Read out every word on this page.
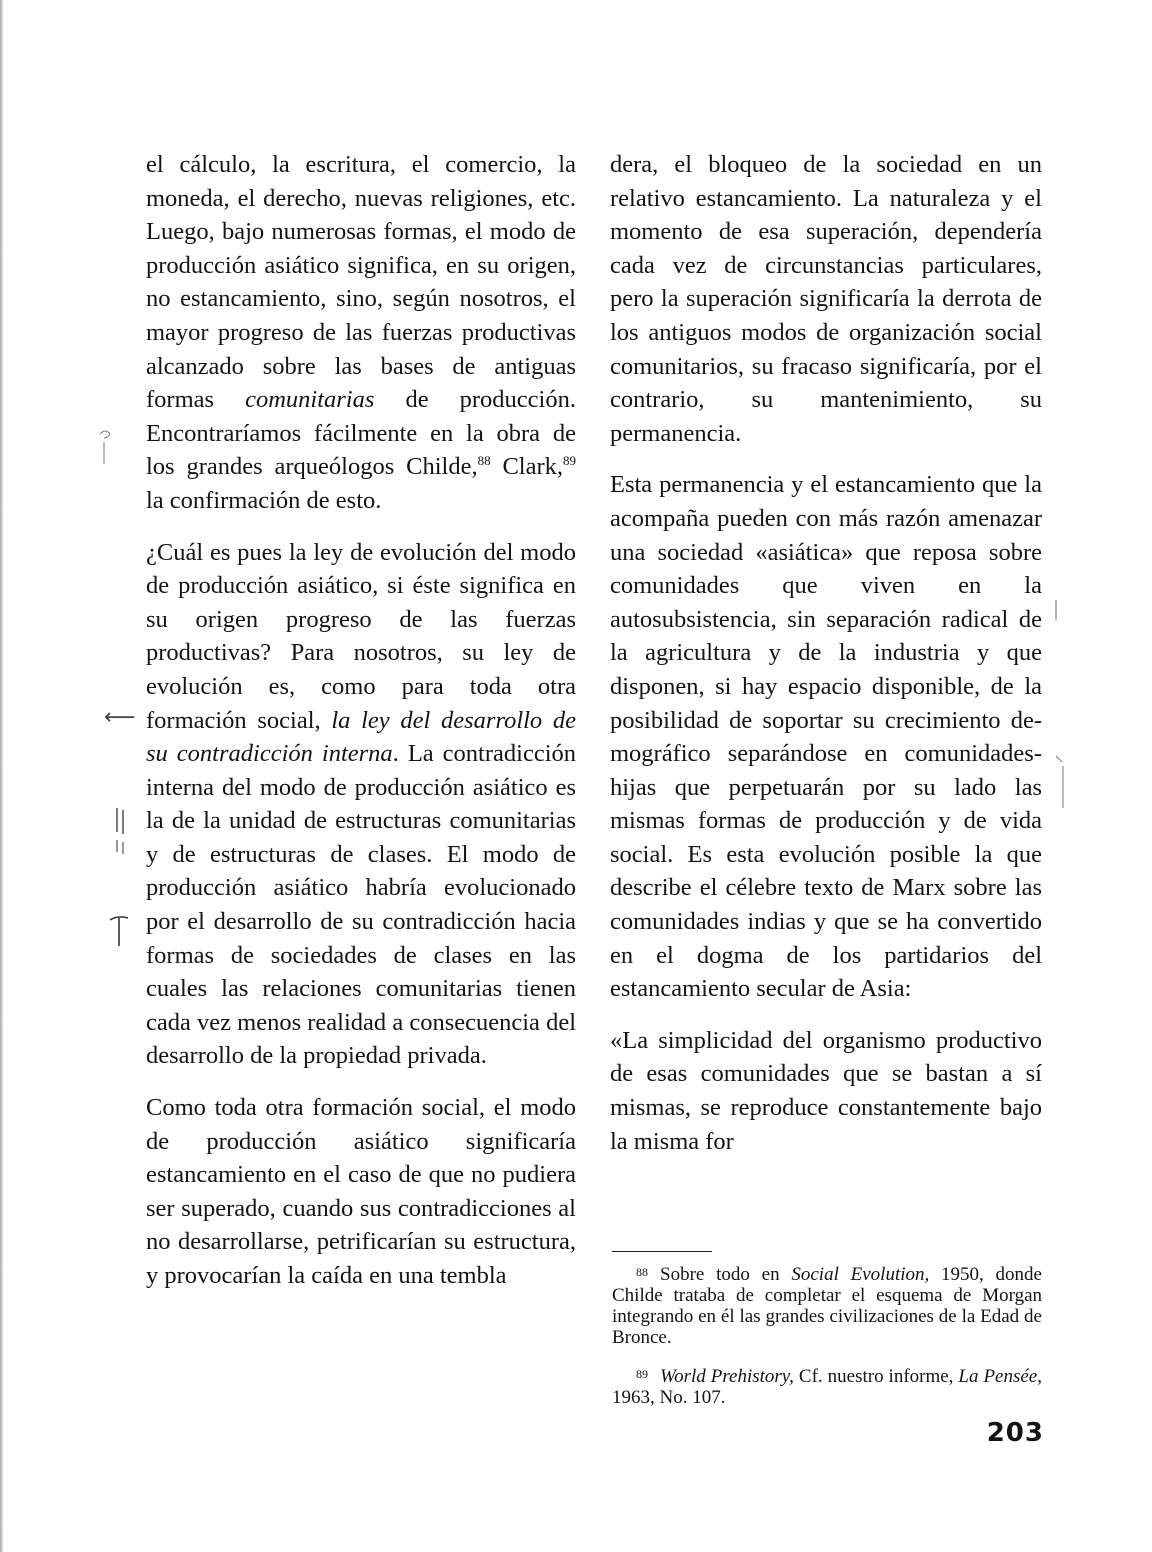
el cálculo, la escritura, el comercio, la moneda, el derecho, nuevas religiones, etc. Luego, bajo numerosas formas, el modo de producción asiático significa, en su origen, no estancamiento, sino, según nosotros, el mayor progreso de las fuerzas productivas alcanzado sobre las bases de antiguas formas comunitarias de producción. Encontraríamos fácilmente en la obra de los grandes arqueólogos Childe,$^{88}$ Clark,$^{89}$ la confirmación de esto.

¿Cuál es pues la ley de evolución del modo de producción asiático, si éste significa en su origen progreso de las fuerzas productivas? Para nosotros, su ley de evolución es, como para toda otra formación social, la ley del desarrollo de su contradicción interna. La contradicción interna del modo de producción asiático es la de la unidad de estructuras comunitarias y de estructuras de clases. El modo de producción asiático habría evolucionado por el desarrollo de su contradicción hacia formas de sociedades de clases en las cuales las relaciones comunitarias tienen cada vez menos realidad a consecuencia del desarrollo de la propiedad privada.

Como toda otra formación social, el modo de producción asiático significaría estancamiento en el caso de que no pudiera ser superado, cuando sus contradicciones al no desarrollarse, petrificarían su estructura, y provocarían la caída en una tembla

dera, el bloqueo de la sociedad en un relativo estancamiento. La naturaleza y el momento de esa superación, dependería cada vez de circunstancias particulares, pero la superación significaría la derrota de los antiguos modos de organización social comunitarios, su fracaso significaría, por el contrario, su mantenimiento, su permanencia.

Esta permanencia y el estancamiento que la acompaña pueden con más razón amenazar una sociedad «asiática» que reposa sobre comunidades que viven en la autosubsistencia, sin separación radical de la agricultura y de la industria y que disponen, si hay espacio disponible, de la posibilidad de soportar su crecimiento demográfico separándose en comunidades-hijas que perpetuarán por su lado las mismas formas de producción y de vida social. Es esta evolución posible la que describe el célebre texto de Marx sobre las comunidades indias y que se ha convertido en el dogma de los partidarios del estancamiento secular de Asia:

«La simplicidad del organismo productivo de esas comunidades que se bastan a sí mismas, se reproduce constantemente bajo la misma for

$^{88}$ Sobre todo en Social Evolution, 1950, donde Childe trataba de completar el esquema de Morgan integrando en él las grandes civilizaciones de la Edad de Bronce.

$^{89}$ World Prehistory, Cf. nuestro informe, La Pensée, 1963, No. 107.

203
⟵
